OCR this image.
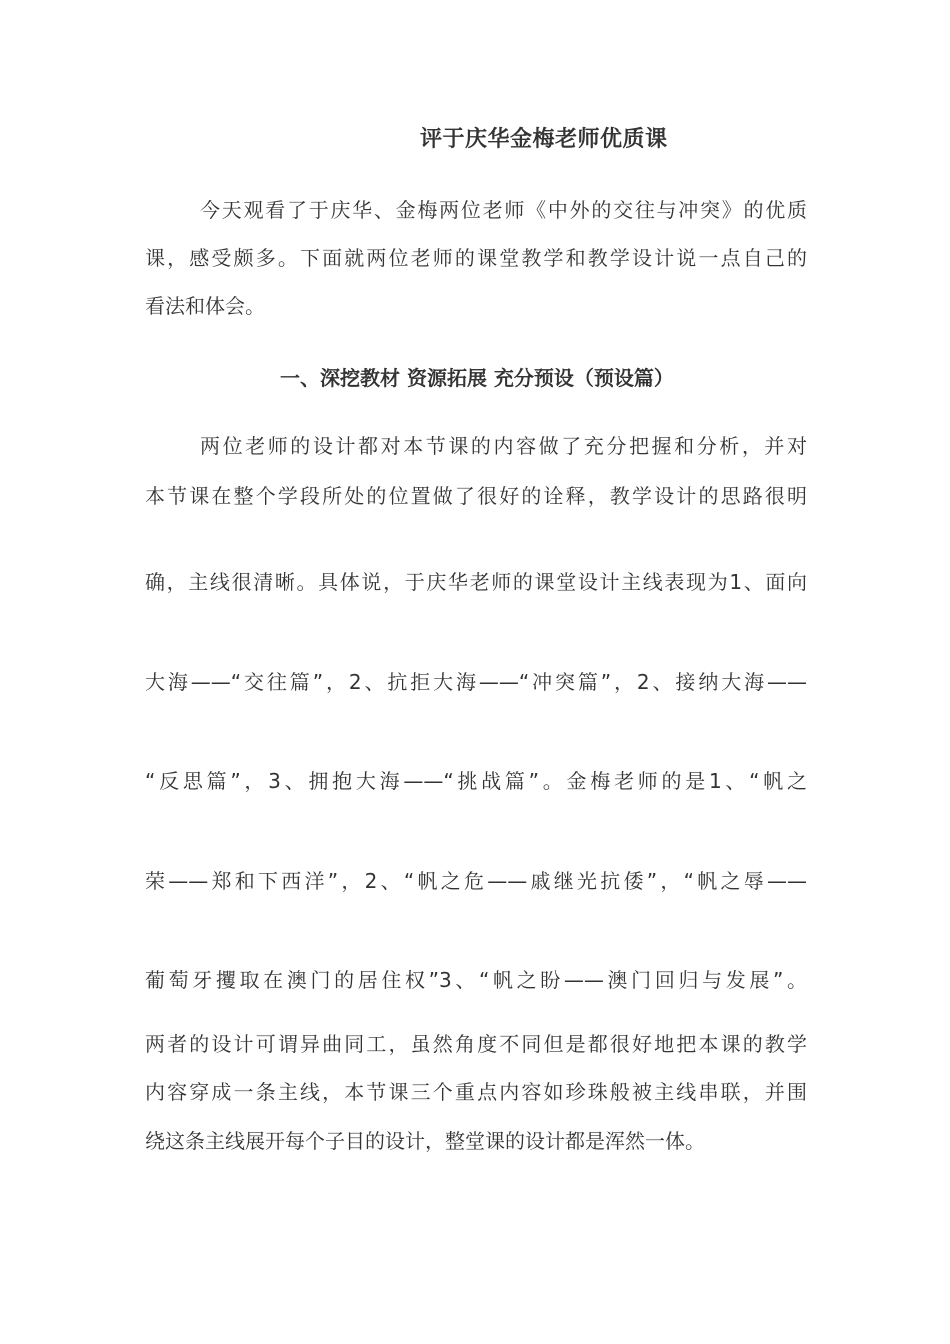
评于庆华金梅老师优质课
今天观看了于庆华、金梅两位老师《中外的交往与冲突》的优质
课，感受颇多。下面就两位老师的课堂教学和教学设计说一点自己的
看法和体会。
一、深挖教材 资源拓展 充分预设（预设篇）
两位老师的设计都对本节课的内容做了充分把握和分析，并对
本节课在整个学段所处的位置做了很好的诠释，教学设计的思路很明
确，主线很清晰。具体说，于庆华老师的课堂设计主线表现为1、面向
大海——“交往篇”，2、抗拒大海——“冲突篇”，2、接纳大海——
“反思篇”，3、拥抱大海——“挑战篇”。金梅老师的是1、“帆之
荣——郑和下西洋”，2、“帆之危——戚继光抗倭”，“帆之辱——
葡萄牙攫取在澳门的居住权”3、“帆之盼——澳门回归与发展”。
两者的设计可谓异曲同工，虽然角度不同但是都很好地把本课的教学
内容穿成一条主线，本节课三个重点内容如珍珠般被主线串联，并围
绕这条主线展开每个子目的设计，整堂课的设计都是浑然一体。
